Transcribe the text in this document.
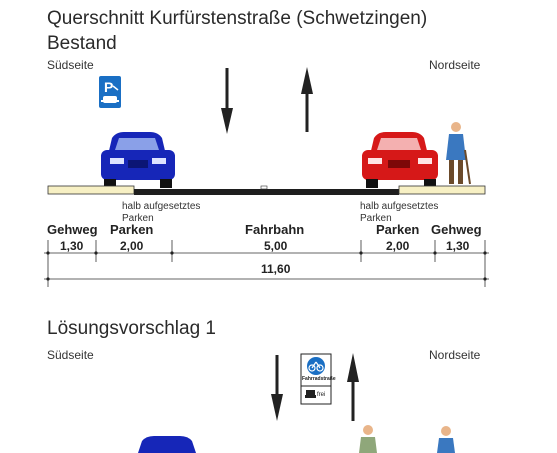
Querschnitt Kurfürstenstraße (Schwetzingen)
Bestand
Südseite	Nordseite
P
halb aufgesetztes
Parken
halb aufgesetztes
Parken
Gehweg Parken	Fahrbahn	Parken Gehweg
1,30	2,00	5,00	2,00	1,30
11,60
Lösungsvorschlag 1
Südseite	Nordseite
Fahrradstraße
frei
